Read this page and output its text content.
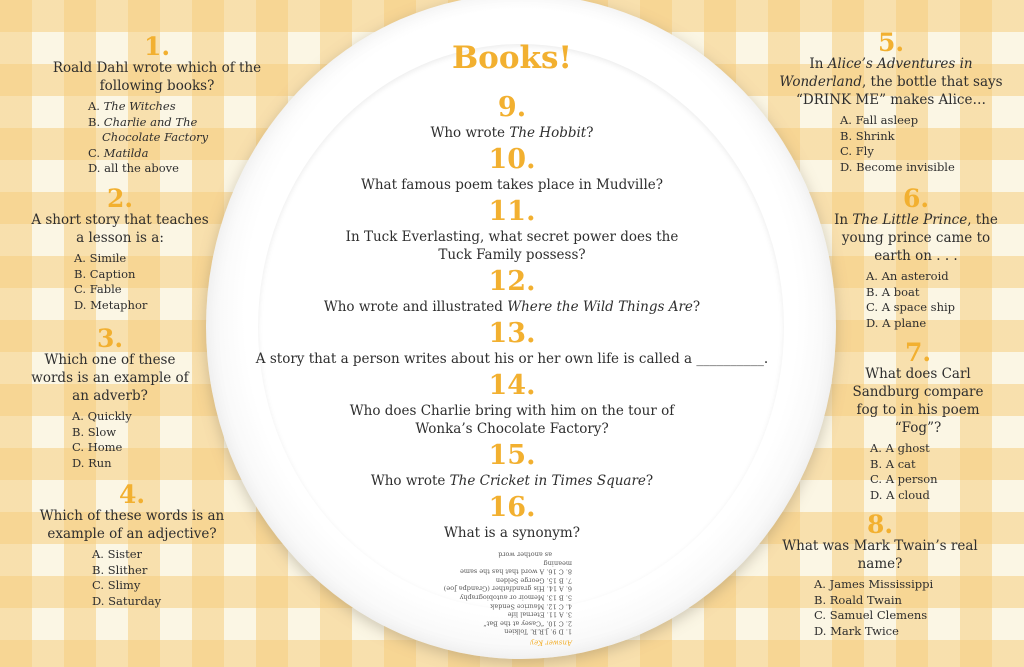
Books!
1.
Roald Dahl wrote which of the following books?
A. The Witches
B. Charlie and The
Chocolate Factory
C. Matilda
D. all the above
2.
A short story that teaches a lesson is a:
A. Simile
B. Caption
C. Fable
D. Metaphor
3.
Which one of these words is an example of an adverb?
A. Quickly
B. Slow
C. Home
D. Run
4.
Which of these words is an example of an adjective?
A. Sister
B. Slither
C. Slimy
D. Saturday
5.
In Alice’s Adventures in Wonderland, the bottle that says “DRINK ME” makes Alice…
A. Fall asleep
B. Shrink
C. Fly
D. Become invisible
6.
In The Little Prince, the young prince came to earth on . . .
A. An asteroid
B. A boat
C. A space ship
D. A plane
7.
What does Carl Sandburg compare fog to in his poem “Fog”?
A. A ghost
B. A cat
C. A person
D. A cloud
8.
What was Mark Twain’s real name?
A. James Mississippi
B. Roald Twain
C. Samuel Clemens
D. Mark Twice
9.
Who wrote The Hobbit?
10.
What famous poem takes place in Mudville?
11.
In Tuck Everlasting, what secret power does the Tuck Family possess?
12.
Who wrote and illustrated Where the Wild Things Are?
13.
A story that a person writes about his or her own life is called a __________.
14.
Who does Charlie bring with him on the tour of Wonka’s Chocolate Factory?
15.
Who wrote The Cricket in Times Square?
16.
What is a synonym?
Answer Key
1. D 9. J.R.R. Tolkien
2. C 10. “Casey at the Bat”
3. A 11. Eternal life
4. C 12. Maurice Sendak
5. B 13. Memoir or autobiography
6. A 14. His grandfather (Grandpa Joe)
7. B 15. George Selden
8. C 16. A word that has the same meaning
as another word
